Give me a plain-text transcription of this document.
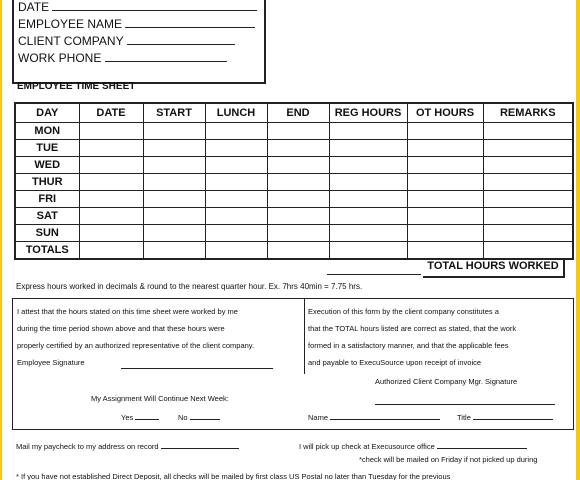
DATE
EMPLOYEE NAME
CLIENT COMPANY
WORK PHONE
EMPLOYEE TIME SHEET
DAY	DATE	START	LUNCH	END	REG HOURS	OT HOURS	REMARKS
MON							
TUE							
WED							
THUR							
FRI							
SAT							
SUN							
TOTALS							
TOTAL HOURS WORKED
Express hours worked in decimals & round to the nearest quarter hour. Ex. 7hrs 40min = 7.75 hrs.
I attest that the hours stated on this time sheet were worked by me
during the time period shown above and that these hours were
properly certified by an authorized representative of the client company.
Employee Signature
Execution of this form by the client company constitutes a
that the TOTAL hours listed are correct as stated, that the work
formed in a satisfactory manner, and that the applicable fees
and payable to ExecuSource upon receipt of invoice
Authorized Client Company Mgr. Signature
My Assignment Will Continue Next Week:
Yes	No	Name	Title
Mail my paycheck to my address on record	I will pick up check at Execusource office
*check will be mailed on Friday if not picked up during
* If you have not established Direct Deposit, all checks will be mailed by first class US Postal no later than Tuesday for the previous
